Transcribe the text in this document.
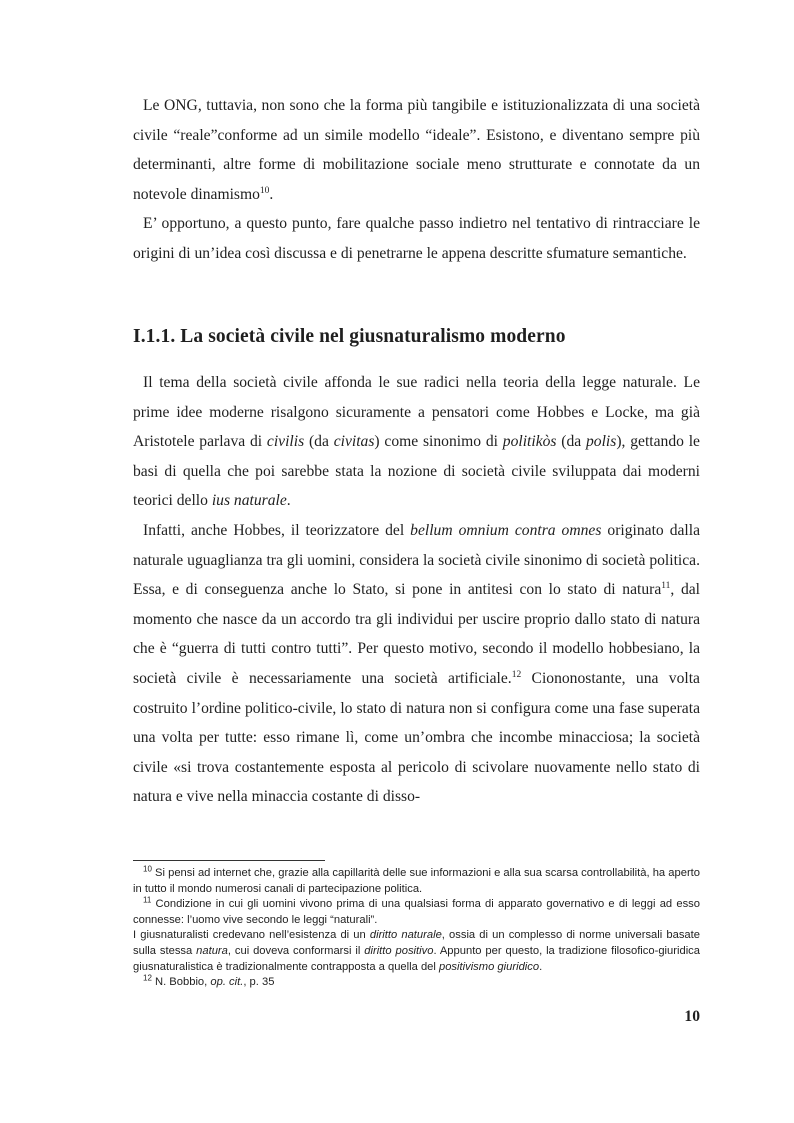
Le ONG, tuttavia, non sono che la forma più tangibile e istituzionalizzata di una società civile “reale”conforme ad un simile modello “ideale”. Esistono, e diventano sempre più determinanti, altre forme di mobilitazione sociale meno strutturate e connotate da un notevole dinamismo$^{10}$.

E’ opportuno, a questo punto, fare qualche passo indietro nel tentativo di rintracciare le origini di un’idea così discussa e di penetrarne le appena descritte sfumature semantiche.

I.1.1. La società civile nel giusnaturalismo moderno

Il tema della società civile affonda le sue radici nella teoria della legge naturale. Le prime idee moderne risalgono sicuramente a pensatori come Hobbes e Locke, ma già Aristotele parlava di civilis (da civitas) come sinonimo di politikòs (da polis), gettando le basi di quella che poi sarebbe stata la nozione di società civile sviluppata dai moderni teorici dello ius naturale.

Infatti, anche Hobbes, il teorizzatore del bellum omnium contra omnes originato dalla naturale uguaglianza tra gli uomini, considera la società civile sinonimo di società politica. Essa, e di conseguenza anche lo Stato, si pone in antitesi con lo stato di natura$^{11}$, dal momento che nasce da un accordo tra gli individui per uscire proprio dallo stato di natura che è “guerra di tutti contro tutti”. Per questo motivo, secondo il modello hobbesiano, la società civile è necessariamente una società artificiale.$^{12}$ Ciononostante, una volta costruito l’ordine politico-civile, lo stato di natura non si configura come una fase superata una volta per tutte: esso rimane lì, come un’ombra che incombe minacciosa; la società civile «si trova costantemente esposta al pericolo di scivolare nuovamente nello stato di natura e vive nella minaccia costante di disso-

$^{10}$ Si pensi ad internet che, grazie alla capillarità delle sue informazioni e alla sua scarsa controllabilità, ha aperto in tutto il mondo numerosi canali di partecipazione politica.

$^{11}$ Condizione in cui gli uomini vivono prima di una qualsiasi forma di apparato governativo e di leggi ad esso connesse: l’uomo vive secondo le leggi “naturali”.

I giusnaturalisti credevano nell’esistenza di un diritto naturale, ossia di un complesso di norme universali basate sulla stessa natura, cui doveva conformarsi il diritto positivo. Appunto per questo, la tradizione filosofico-giuridica giusnaturalistica è tradizionalmente contrapposta a quella del positivismo giuridico.

$^{12}$ N. Bobbio, op. cit., p. 35

10
